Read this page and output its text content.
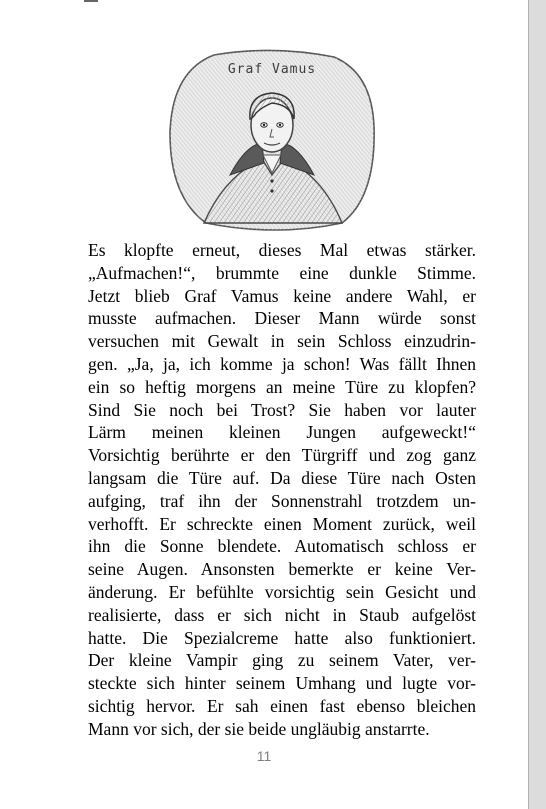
Graf Vamus
Es klopfte erneut, dieses Mal etwas stärker.
„Aufmachen!“, brummte eine dunkle Stimme.
Jetzt blieb Graf Vamus keine andere Wahl, er
musste aufmachen. Dieser Mann würde sonst
versuchen mit Gewalt in sein Schloss einzudrin-
gen. „Ja, ja, ich komme ja schon! Was fällt Ihnen
ein so heftig morgens an meine Türe zu klopfen?
Sind Sie noch bei Trost? Sie haben vor lauter
Lärm meinen kleinen Jungen aufgeweckt!“
Vorsichtig berührte er den Türgriff und zog ganz
langsam die Türe auf. Da diese Türe nach Osten
aufging, traf ihn der Sonnenstrahl trotzdem un-
verhofft. Er schreckte einen Moment zurück, weil
ihn die Sonne blendete. Automatisch schloss er
seine Augen. Ansonsten bemerkte er keine Ver-
änderung. Er befühlte vorsichtig sein Gesicht und
realisierte, dass er sich nicht in Staub aufgelöst
hatte. Die Spezialcreme hatte also funktioniert.
Der kleine Vampir ging zu seinem Vater, ver-
steckte sich hinter seinem Umhang und lugte vor-
sichtig hervor. Er sah einen fast ebenso bleichen
Mann vor sich, der sie beide ungläubig anstarrte.
11
